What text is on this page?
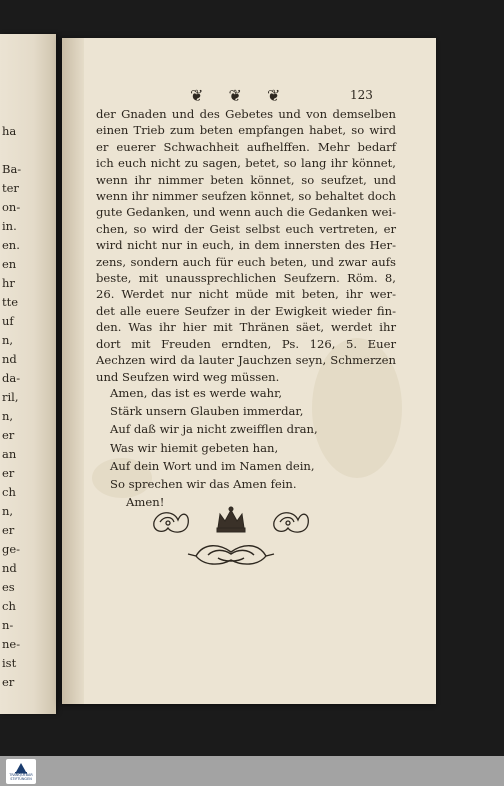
ha
Ba-
ter
on-
in.
en.
en
hr
tte
uf
n,
nd
da-
ril,
n,
er
an
er
ch
n,
er
ge-
nd
es
ch
n-
ne-
ist
er
❦ ❦ ❦	123
der Gnaden und des Gebetes und von demselben
einen Trieb zum beten empfangen habet, so wird
er euerer Schwachheit aufhelffen. Mehr bedarf
ich euch nicht zu sagen, betet, so lang ihr könnet,
wenn ihr nimmer beten könnet, so seufzet, und
wenn ihr nimmer seufzen könnet, so behaltet doch
gute Gedanken, und wenn auch die Gedanken wei-
chen, so wird der Geist selbst euch vertreten, er
wird nicht nur in euch, in dem innersten des Her-
zens, sondern auch für euch beten, und zwar aufs
beste, mit unaussprechlichen Seufzern. Röm. 8,
26. Werdet nur nicht müde mit beten, ihr wer-
det alle euere Seufzer in der Ewigkeit wieder fin-
den. Was ihr hier mit Thränen säet, werdet ihr
dort mit Freuden erndten, Ps. 126, 5. Euer
Aechzen wird da lauter Jauchzen seyn, Schmerzen
und Seufzen wird weg müssen.
Amen, das ist es werde wahr,
Stärk unsern Glauben immerdar,
Auf daß wir ja nicht zweifflen dran,
Was wir hiemit gebeten han,
Auf dein Wort und im Namen dein,
So sprechen wir das Amen fein.
Amen!
TRANQUEBAR STIFTUNGEN
